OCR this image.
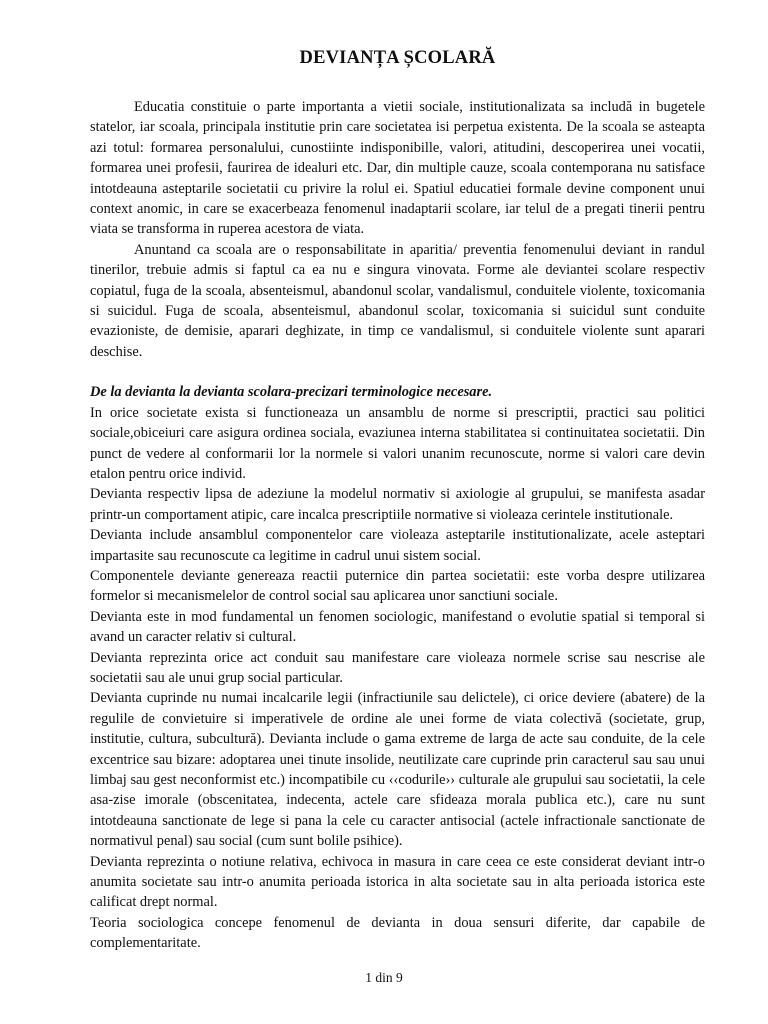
DEVIANȚA ȘCOLARĂ

Educatia constituie o parte importanta a vietii sociale, institutionalizata sa includă in bugetele statelor, iar scoala, principala institutie prin care societatea isi perpetua existenta. De la scoala se asteapta azi totul: formarea personalului, cunostiinte indisponibille, valori, atitudini, descoperirea unei vocatii, formarea unei profesii, faurirea de idealuri etc. Dar, din multiple cauze, scoala contemporana nu satisface intotdeauna asteptarile societatii cu privire la rolul ei. Spatiul educatiei formale devine component unui context anomic, in care se exacerbeaza fenomenul inadaptarii scolare, iar telul de a pregati tinerii pentru viata se transforma in ruperea acestora de viata.

Anuntand ca scoala are o responsabilitate in aparitia/ preventia fenomenului deviant in randul tinerilor, trebuie admis si faptul ca ea nu e singura vinovata. Forme ale deviantei scolare respectiv copiatul, fuga de la scoala, absenteismul, abandonul scolar, vandalismul, conduitele violente, toxicomania si suicidul. Fuga de scoala, absenteismul, abandonul scolar, toxicomania si suicidul sunt conduite evazioniste, de demisie, aparari deghizate, in timp ce vandalismul, si conduitele violente sunt aparari deschise.

De la devianta la devianta scolara-precizari terminologice necesare.

In orice societate exista si functioneaza un ansamblu de norme si prescriptii, practici sau politici sociale,obiceiuri care asigura ordinea sociala, evaziunea interna stabilitatea si continuitatea societatii. Din punct de vedere al conformarii lor la normele si valori unanim recunoscute, norme si valori care devin etalon pentru orice individ.

Devianta respectiv lipsa de adeziune la modelul normativ si axiologie al grupului, se manifesta asadar printr-un comportament atipic, care incalca prescriptiile normative si violeaza cerintele institutionale.

Devianta include ansamblul componentelor care violeaza asteptarile institutionalizate, acele asteptari impartasite sau recunoscute ca legitime in cadrul unui sistem social.

Componentele deviante genereaza reactii puternice din partea societatii: este vorba despre utilizarea formelor si mecanismelelor de control social sau aplicarea unor sanctiuni sociale.

Devianta este in mod fundamental un fenomen sociologic, manifestand o evolutie spatial si temporal si avand un caracter relativ si cultural.

Devianta reprezinta orice act conduit sau manifestare care violeaza normele scrise sau nescrise ale societatii sau ale unui grup social particular.

Devianta cuprinde nu numai incalcarile legii (infractiunile sau delictele), ci orice deviere (abatere) de la regulile de convietuire si imperativele de ordine ale unei forme de viata colectivă (societate, grup, institutie, cultura, subcultură). Devianta include o gama extreme de larga de acte sau conduite, de la cele excentrice sau bizare: adoptarea unei tinute insolide, neutilizate care cuprinde prin caracterul sau sau unui limbaj sau gest neconformist etc.) incompatibile cu ‹‹codurile›› culturale ale grupului sau societatii, la cele asa-zise imorale (obscenitatea, indecenta, actele care sfideaza morala publica etc.), care nu sunt intotdeauna sanctionate de lege si pana la cele cu caracter antisocial (actele infractionale sanctionate de normativul penal) sau social (cum sunt bolile psihice).

Devianta reprezinta o notiune relativa, echivoca in masura in care ceea ce este considerat deviant intr-o anumita societate sau intr-o anumita perioada istorica in alta societate sau in alta perioada istorica este calificat drept normal.

Teoria sociologica concepe fenomenul de devianta in doua sensuri diferite, dar capabile de complementaritate.

1 din 9
